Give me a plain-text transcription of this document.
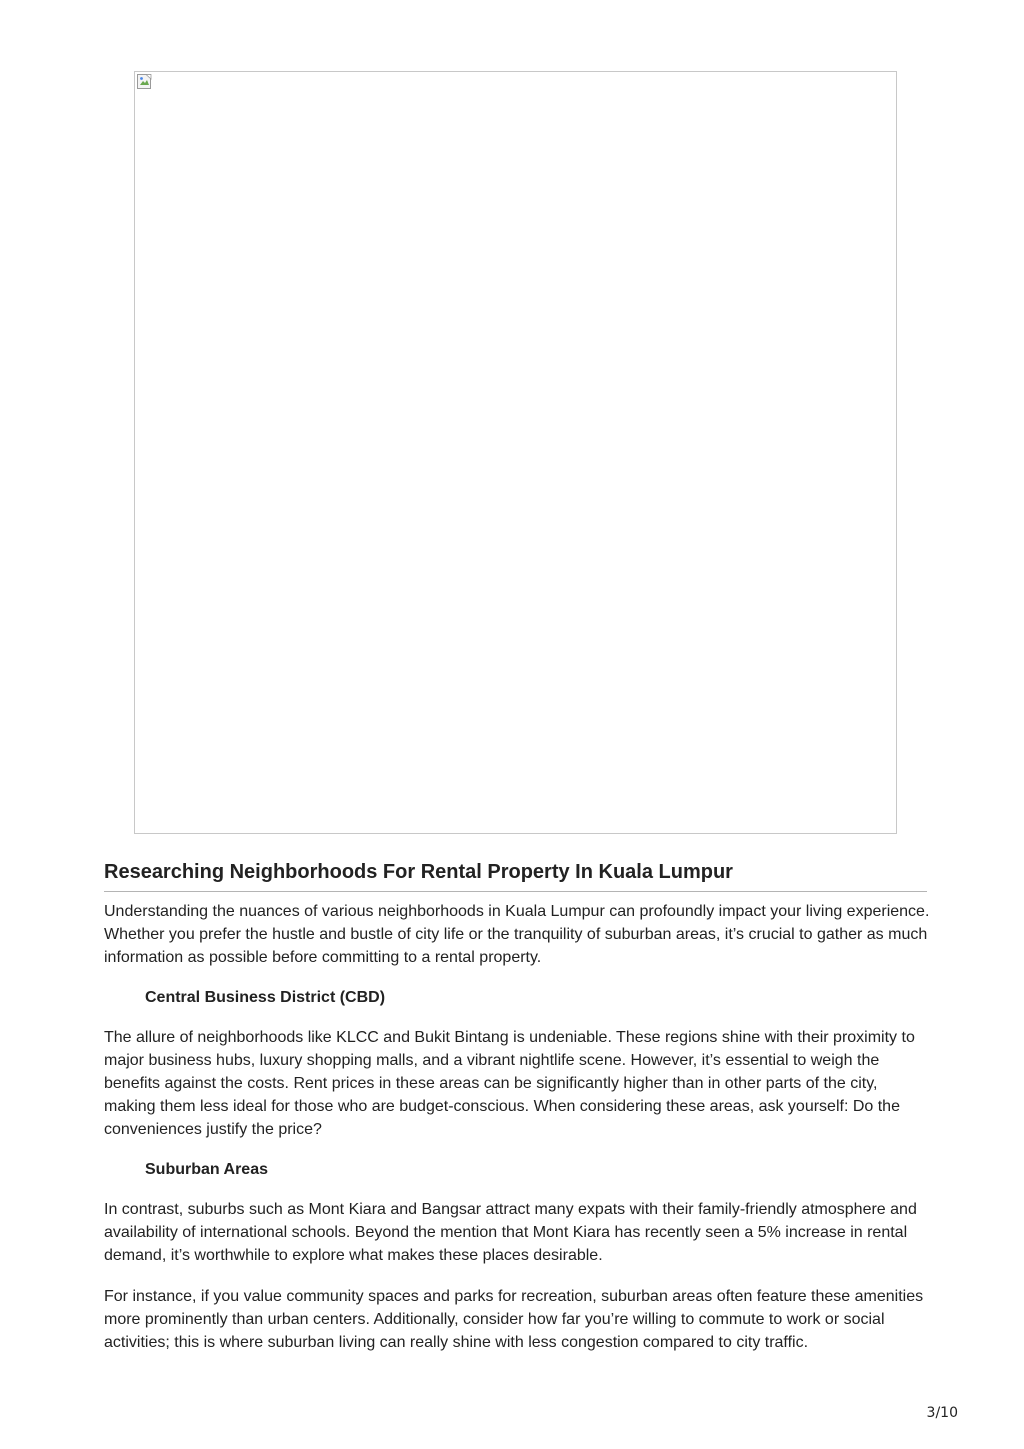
Researching Neighborhoods For Rental Property In Kuala Lumpur

Understanding the nuances of various neighborhoods in Kuala Lumpur can profoundly impact your living experience. Whether you prefer the hustle and bustle of city life or the tranquility of suburban areas, it’s crucial to gather as much information as possible before committing to a rental property.

Central Business District (CBD)

The allure of neighborhoods like KLCC and Bukit Bintang is undeniable. These regions shine with their proximity to major business hubs, luxury shopping malls, and a vibrant nightlife scene. However, it’s essential to weigh the benefits against the costs. Rent prices in these areas can be significantly higher than in other parts of the city, making them less ideal for those who are budget-conscious. When considering these areas, ask yourself: Do the conveniences justify the price?

Suburban Areas

In contrast, suburbs such as Mont Kiara and Bangsar attract many expats with their family-friendly atmosphere and availability of international schools. Beyond the mention that Mont Kiara has recently seen a 5% increase in rental demand, it’s worthwhile to explore what makes these places desirable.

For instance, if you value community spaces and parks for recreation, suburban areas often feature these amenities more prominently than urban centers. Additionally, consider how far you’re willing to commute to work or social activities; this is where suburban living can really shine with less congestion compared to city traffic.

3/10
